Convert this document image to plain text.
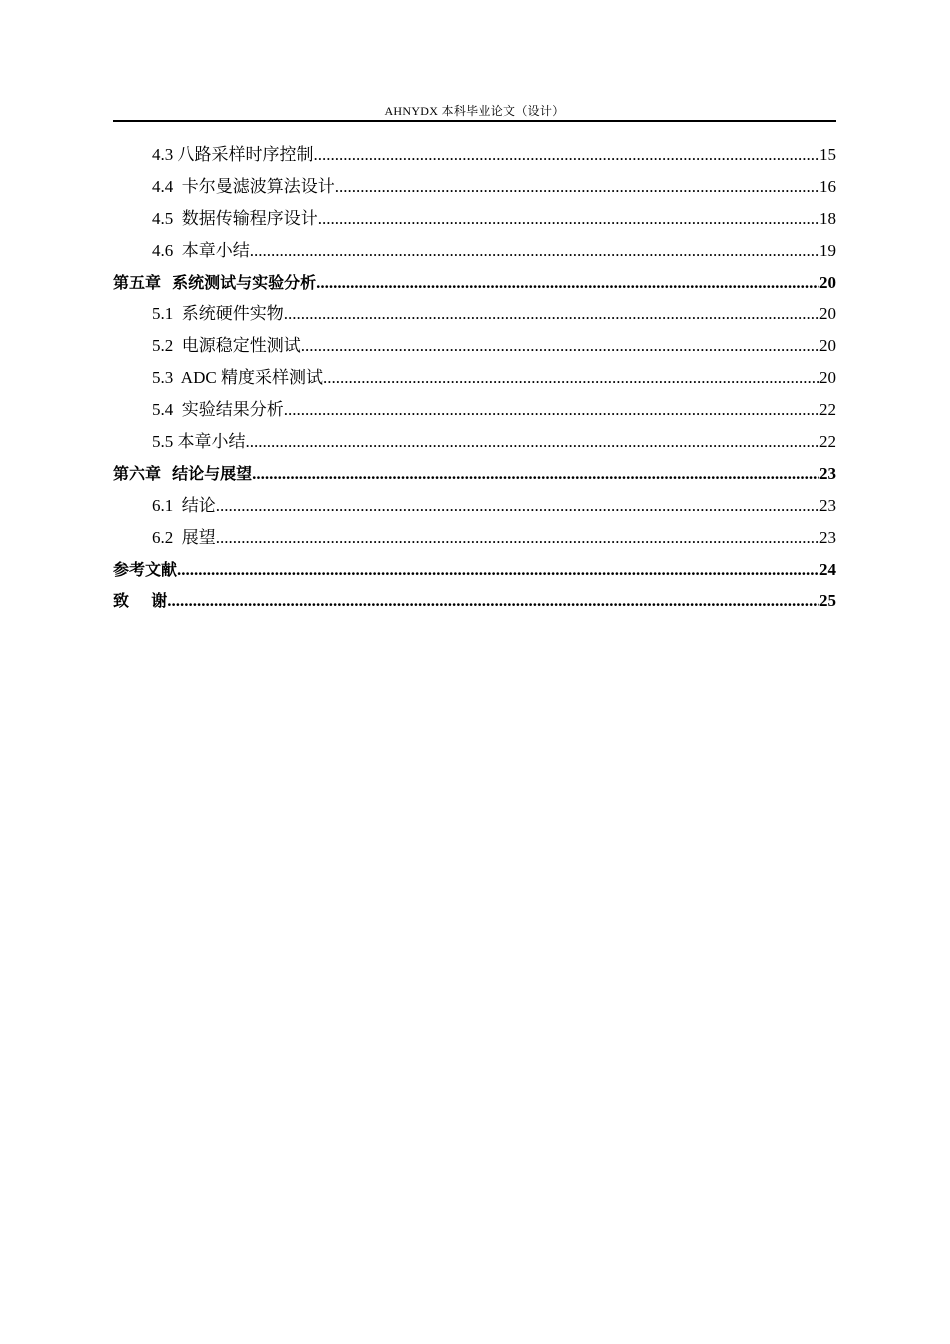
AHNYDX 本科毕业论文（设计）
4.3 八路采样时序控制 .....	15
4.4  卡尔曼滤波算法设计 .....	16
4.5  数据传输程序设计 .....	18
4.6  本章小结 .....	19
第五章  系统测试与实验分析 .....	20
5.1  系统硬件实物 .....	20
5.2  电源稳定性测试 .....	20
5.3  ADC 精度采样测试 .....	20
5.4  实验结果分析 .....	22
5.5 本章小结 .....	22
第六章  结论与展望 .....	23
6.1  结论 .....	23
6.2  展望 .....	23
参考文献 .....	24
致    谢 .....	25
